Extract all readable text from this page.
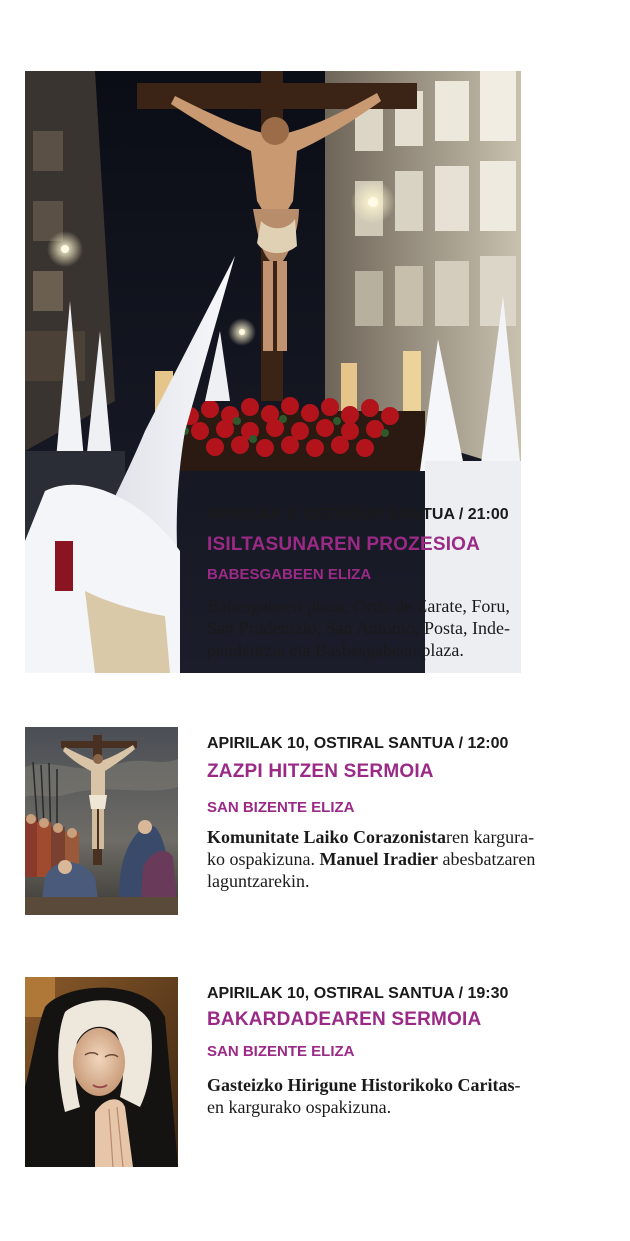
APIRILAK 9, OSTEGUN SANTUA / 21:00
ISILTASUNAREN PROZESIOA
BABESGABEEN ELIZA
Babesgabeen plaza, Ortiz de Zarate, Foru,
San Prudentzio, San Antonio, Posta, Inde-
pendentzia eta Basbesgabeen plaza.
APIRILAK 10, OSTIRAL SANTUA / 12:00
ZAZPI HITZEN SERMOIA
SAN BIZENTE ELIZA
Komunitate Laiko Corazonistaren kargura-
ko ospakizuna. Manuel Iradier abesbatzaren
laguntzarekin.
APIRILAK 10, OSTIRAL SANTUA / 19:30
BAKARDADEAREN SERMOIA
SAN BIZENTE ELIZA
Gasteizko Hirigune Historikoko Caritas-
en kargurako ospakizuna.
